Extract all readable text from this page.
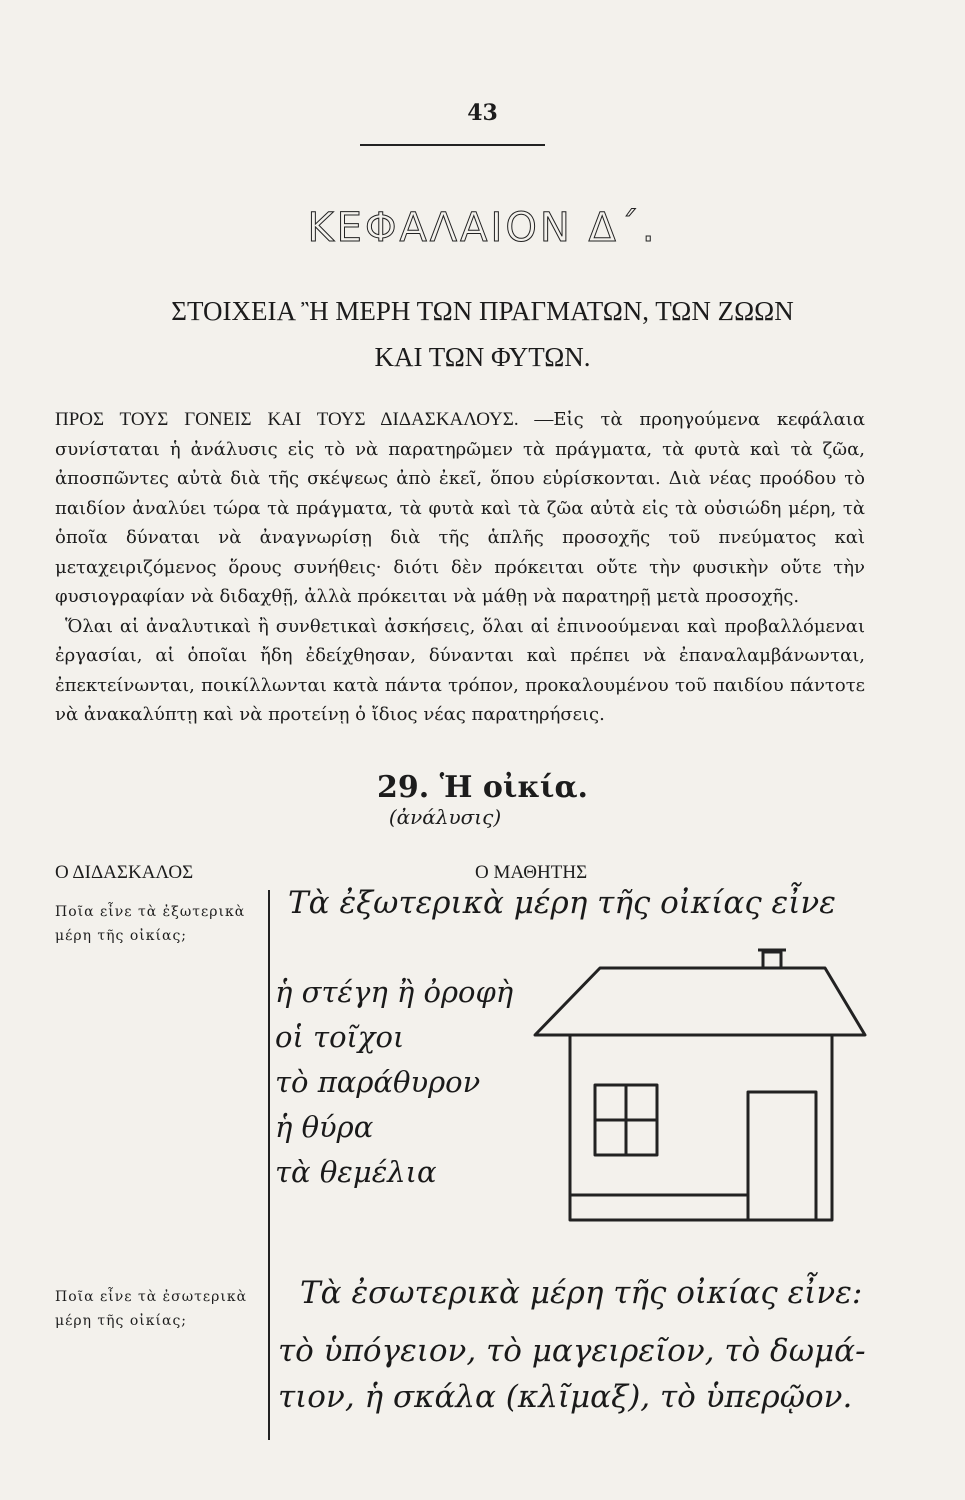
43
ΚΕΦΑΛΑΙΟΝ Δ΄.
ΣΤΟΙΧΕΙΑ Ἢ ΜΕΡΗ ΤΩΝ ΠΡΑΓΜΑΤΩΝ, ΤΩΝ ΖΩΩΝ
ΚΑΙ ΤΩΝ ΦΥΤΩΝ.

ΠΡΟΣ ΤΟΥΣ ΓΟΝΕΙΣ ΚΑΙ ΤΟΥΣ ΔΙΔΑΣΚΑΛΟΥΣ. —Εἰς τὰ προηγούμενα κεφάλαια συνίσταται ἡ ἀνάλυσις εἰς τὸ νὰ παρατηρῶμεν τὰ πράγματα, τὰ φυτὰ καὶ τὰ ζῶα, ἀποσπῶντες αὐτὰ διὰ τῆς σκέψεως ἀπὸ ἐκεῖ, ὅπου εὑρίσκονται. Διὰ νέας προόδου τὸ παιδίον ἀναλύει τώρα τὰ πράγματα, τὰ φυτὰ καὶ τὰ ζῶα αὐτὰ εἰς τὰ οὐσιώδη μέρη, τὰ ὁποῖα δύναται νὰ ἀναγνωρίσῃ διὰ τῆς ἁπλῆς προσοχῆς τοῦ πνεύματος καὶ μεταχειριζόμενος ὅρους συνήθεις· διότι δὲν πρόκειται οὔτε τὴν φυσικὴν οὔτε τὴν φυσιογραφίαν νὰ διδαχθῇ, ἀλλὰ πρόκειται νὰ μάθῃ νὰ παρατηρῇ μετὰ προσοχῆς.

Ὅλαι αἱ ἀναλυτικαὶ ἢ συνθετικαὶ ἀσκήσεις, ὅλαι αἱ ἐπινοούμεναι καὶ προβαλλόμεναι ἐργασίαι, αἱ ὁποῖαι ἤδη ἐδείχθησαν, δύνανται καὶ πρέπει νὰ ἐπαναλαμβάνωνται, ἐπεκτείνωνται, ποικίλλωνται κατὰ πάντα τρόπον, προκαλουμένου τοῦ παιδίου πάντοτε νὰ ἀνακαλύπτῃ καὶ νὰ προτείνῃ ὁ ἴδιος νέας παρατηρήσεις.

29. Ἡ οἰκία.
(ἀνάλυσις)
Ο ΔΙΔΑΣΚΑΛΟΣ	Ο ΜΑΘΗΤΗΣ
Ποῖα εἶνε τὰ ἐξωτερικὰ μέρη τῆς οἰκίας;
Ποῖα εἶνε τὰ ἐσωτερικὰ μέρη τῆς οἰκίας;
Τὰ ἐξωτερικὰ μέρη τῆς οἰκίας εἶνε
ἡ στέγη ἢ ὀροφὴ
οἱ τοῖχοι
τὸ παράθυρον
ἡ θύρα
τὰ θεμέλια
Τὰ ἐσωτερικὰ μέρη τῆς οἰκίας εἶνε:
τὸ ὑπόγειον, τὸ μαγειρεῖον, τὸ δωμά-
τιον, ἡ σκάλα (κλῖμαξ), τὸ ὑπερῷον.
